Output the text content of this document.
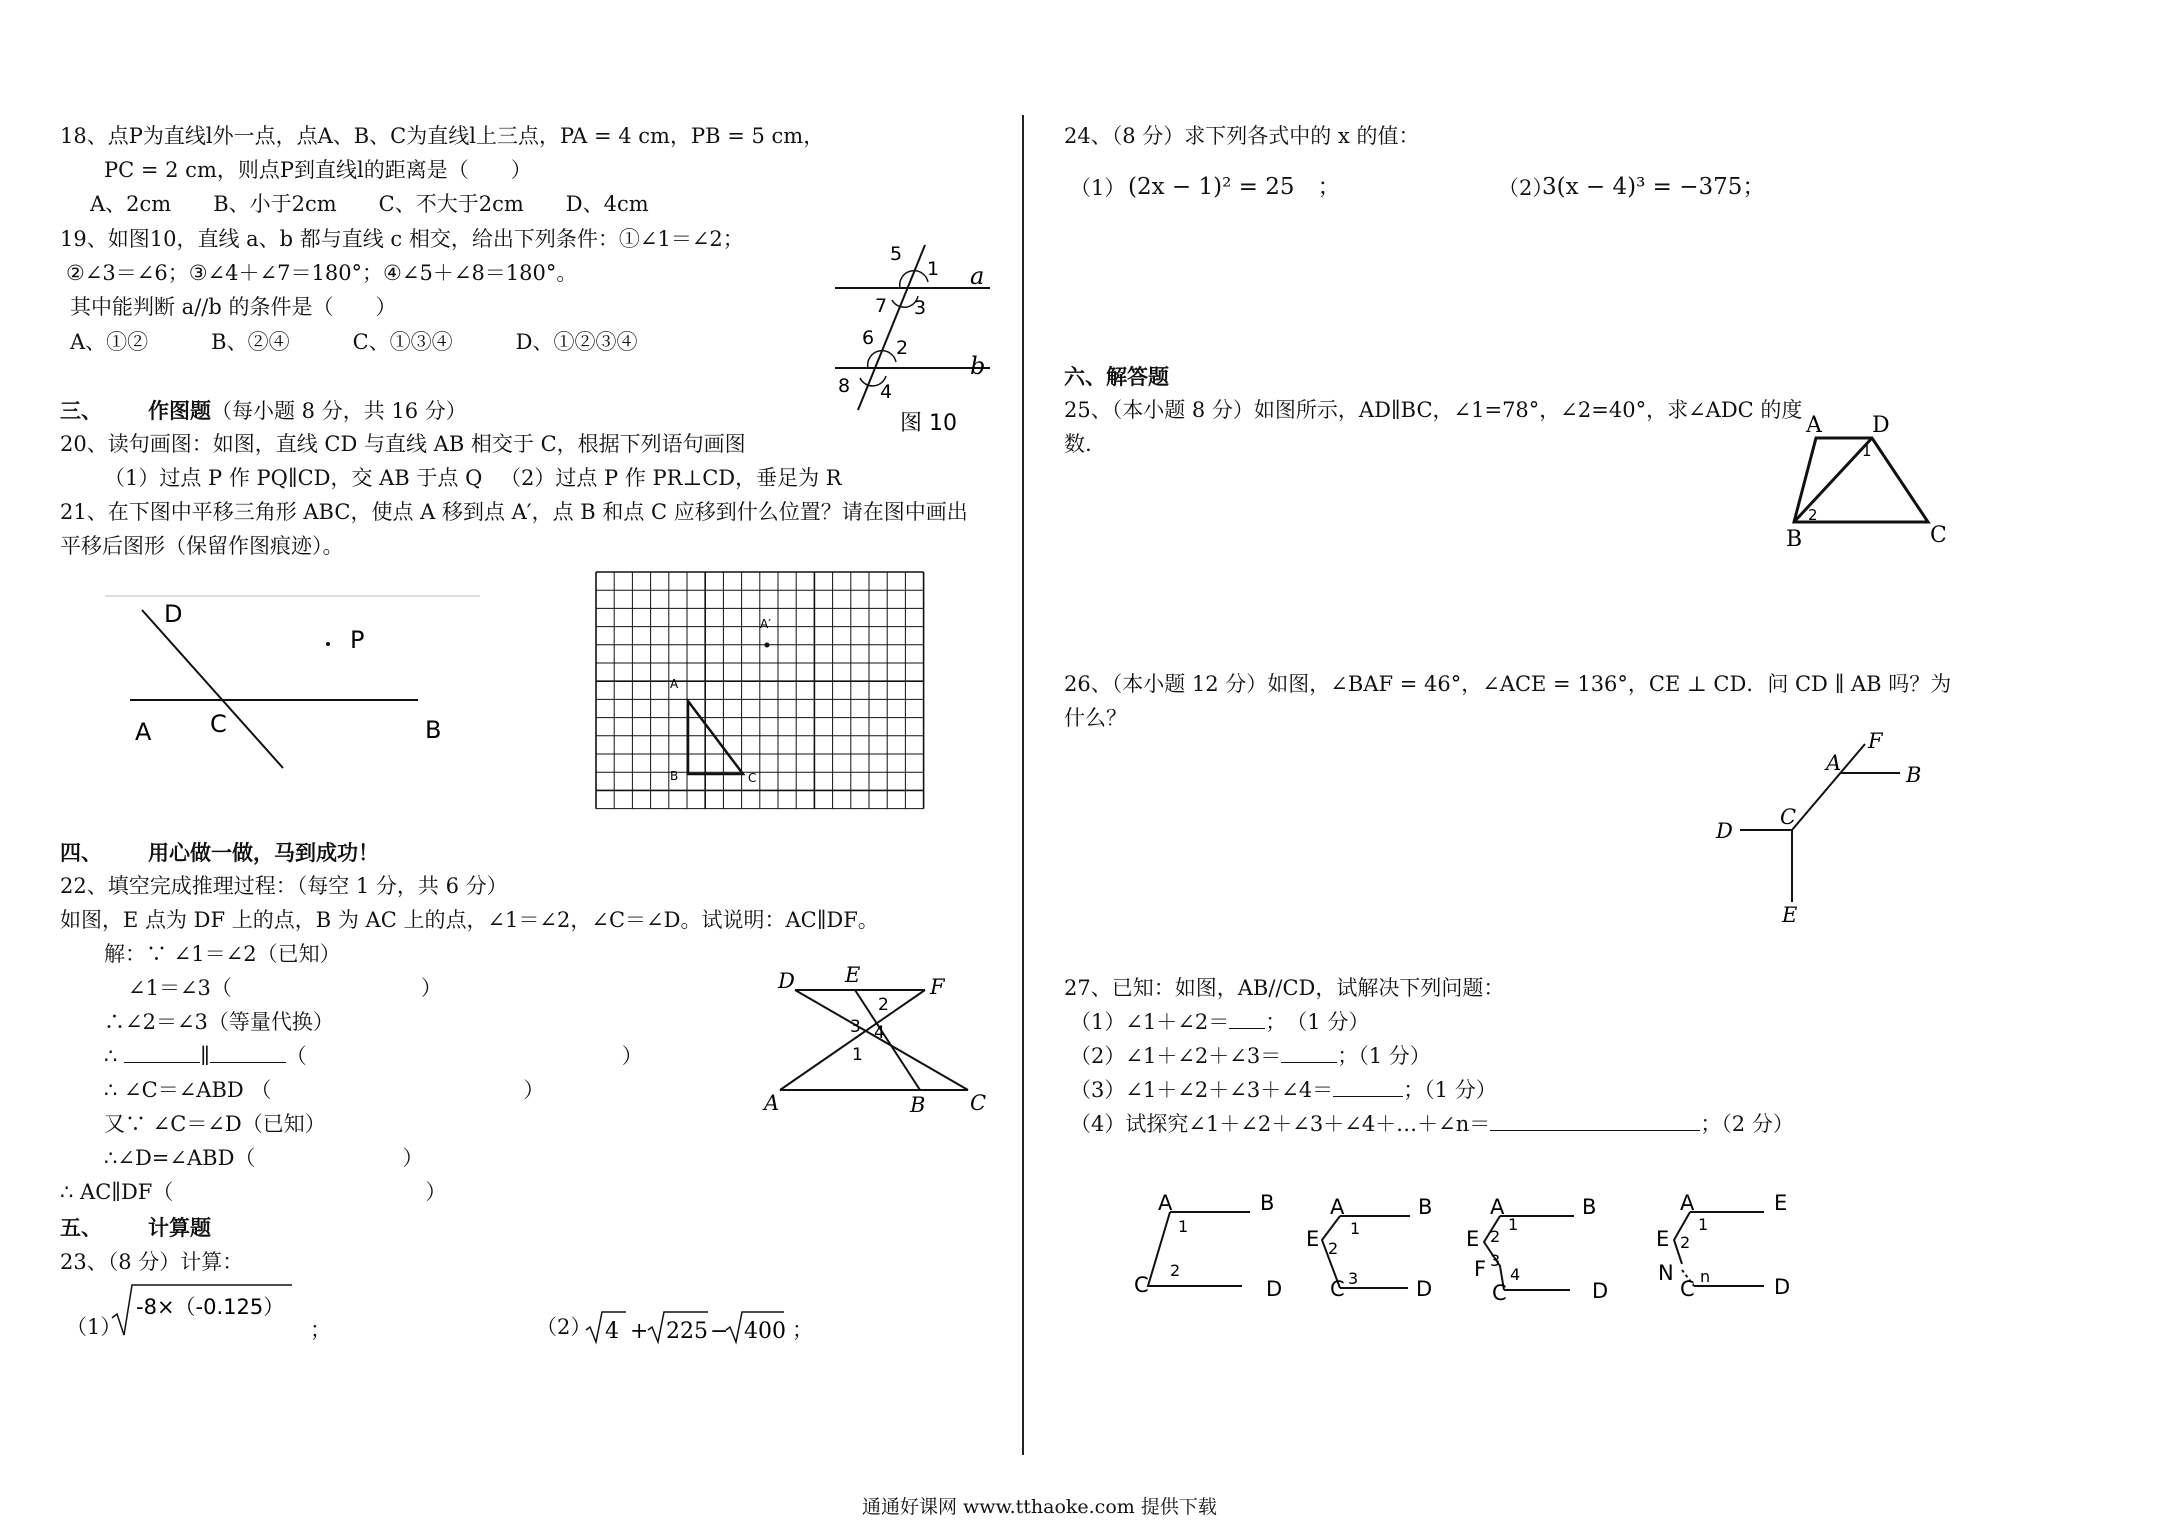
18、点P为直线l外一点，点A、B、C为直线l上三点，PA = 4 cm，PB = 5 cm，
PC = 2 cm，则点P到直线l的距离是（　　）
A、2cm　　B、小于2cm　　C、不大于2cm　　D、4cm
19、如图10，直线 a、b 都与直线 c 相交，给出下列条件：①∠1＝∠2；
②∠3＝∠6；③∠4＋∠7＝180°；④∠5＋∠8＝180°。
其中能判断 a//b 的条件是（　　）
A、①②　　　B、②④　　　C、①③④　　　D、①②③④
5
1
7 3
6 2
8 4
a
b
图 10
三、 作图题（每小题 8 分，共 16 分）
20、读句画图：如图，直线 CD 与直线 AB 相交于 C，根据下列语句画图
（1）过点 P 作 PQ∥CD，交 AB 于点 Q （2）过点 P 作 PR⊥CD，垂足为 R
21、在下图中平移三角形 ABC，使点 A 移到点 A′，点 B 和点 C 应移到什么位置？请在图中画出
平移后图形（保留作图痕迹）。
D
P
A C	B
A
A′
B	C
四、 用心做一做，马到成功！
22、填空完成推理过程：（每空 1 分，共 6 分）
如图，E 点为 DF 上的点，B 为 AC 上的点，∠1＝∠2，∠C＝∠D。试说明：AC∥DF。
解：∵ ∠1＝∠2（已知）
∠1＝∠3（　　　　　　　　　）
∴∠2＝∠3（等量代换）
∴	∥	（　　　　　　　　　　　　　　　）
∴ ∠C＝∠ABD （　　　　　　　　　　　　）
又∵ ∠C＝∠D（已知）
∴∠D=∠ABD（　　　　　　　）
∴ AC∥DF（　　　　　　　　　　　　）
D E	F
A	B C
1
2
3 4
五、 计算题
23、（8 分）计算：
（1）
-8×（-0.125）
；	（2） 4 + 225 − 400 ；
24、（8 分）求下列各式中的 x 的值：
（1） (2x − 1)² = 25　；	（2）
3(x − 4)³ = −375；
六、解答题
25、（本小题 8 分）如图所示，AD∥BC，∠1=78°，∠2=40°，求∠ADC 的度
数.
A D
B	C
1
2
26、（本小题 12 分）如图，∠BAF = 46°，∠ACE = 136°，CE ⊥ CD．问 CD ∥ AB 吗？为
什么？
F
A	B
C
D
E
27、已知：如图，AB//CD，试解决下列问题：
（1）∠1＋∠2＝ ；　（1 分）
（2）∠1＋∠2＋∠3＝	；（1 分）
（3）∠1＋∠2＋∠3＋∠4＝	；（1 分）
（4）试探究∠1＋∠2＋∠3＋∠4＋…＋∠n＝	；（2 分）
A	B
C	D
1
2
A	B
E
C	D
1
2
3
A	B
E
F
C	D
1
2
3
4
A	E
E
N
C	D
1
2
n
通通好课网 www.tthaoke.com 提供下载
